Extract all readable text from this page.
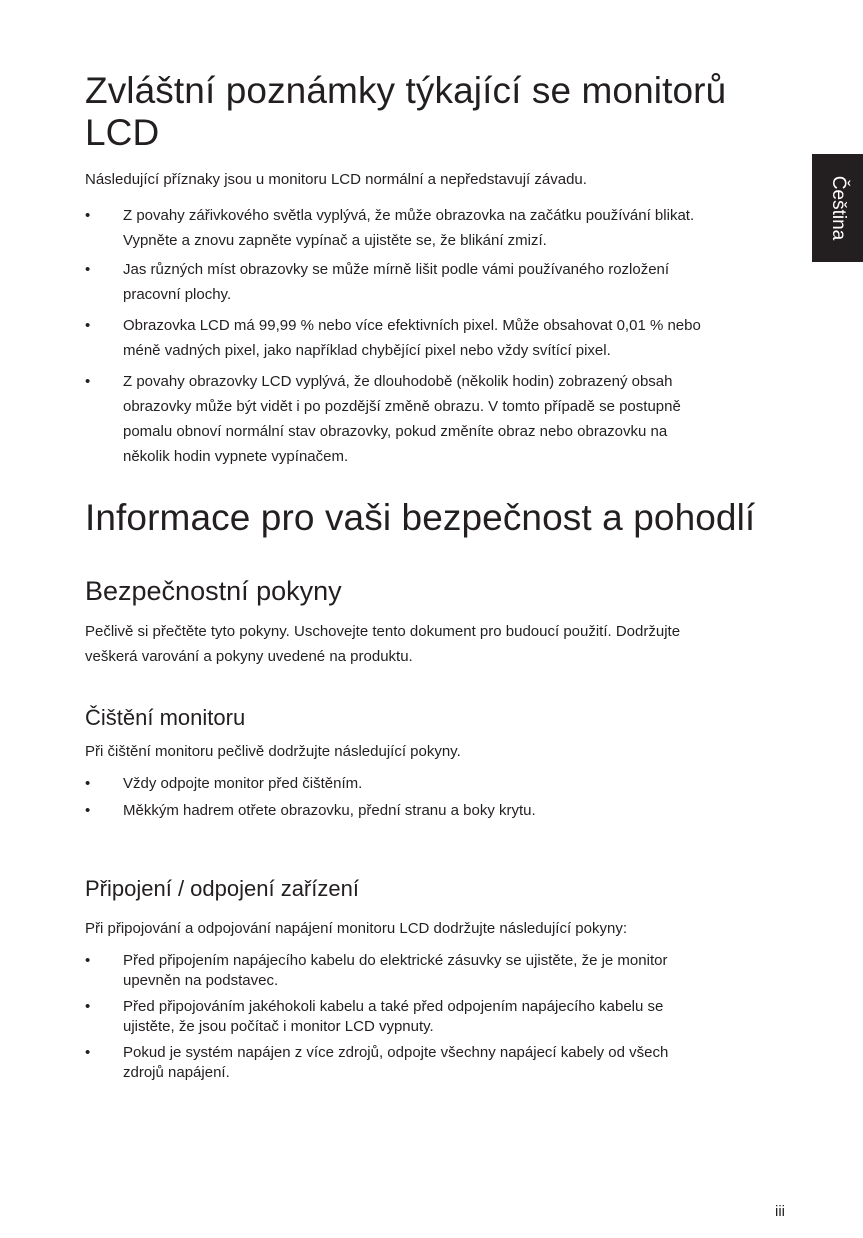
Čeština
Zvláštní poznámky týkající se monitorů
LCD

Následující příznaky jsou u monitoru LCD normální a nepředstavují závadu.

• Z povahy zářivkového světla vyplývá, že může obrazovka na začátku používání blikat.
Vypněte a znovu zapněte vypínač a ujistěte se, že blikání zmizí.
• Jas různých míst obrazovky se může mírně lišit podle vámi používaného rozložení
pracovní plochy.
• Obrazovka LCD má 99,99 % nebo více efektivních pixel. Může obsahovat 0,01 % nebo
méně vadných pixel, jako například chybějící pixel nebo vždy svítící pixel.
• Z povahy obrazovky LCD vyplývá, že dlouhodobě (několik hodin) zobrazený obsah
obrazovky může být vidět i po pozdější změně obrazu. V tomto případě se postupně
pomalu obnoví normální stav obrazovky, pokud změníte obraz nebo obrazovku na
několik hodin vypnete vypínačem.
Informace pro vaši bezpečnost a pohodlí
Bezpečnostní pokyny

Pečlivě si přečtěte tyto pokyny. Uschovejte tento dokument pro budoucí použití. Dodržujte
veškerá varování a pokyny uvedené na produktu.

Čištění monitoru

Při čištění monitoru pečlivě dodržujte následující pokyny.

• Vždy odpojte monitor před čištěním.
• Měkkým hadrem otřete obrazovku, přední stranu a boky krytu.
Připojení / odpojení zařízení

Při připojování a odpojování napájení monitoru LCD dodržujte následující pokyny:

• Před připojením napájecího kabelu do elektrické zásuvky se ujistěte, že je monitor
upevněn na podstavec.
• Před připojováním jakéhokoli kabelu a také před odpojením napájecího kabelu se
ujistěte, že jsou počítač i monitor LCD vypnuty.
• Pokud je systém napájen z více zdrojů, odpojte všechny napájecí kabely od všech
zdrojů napájení.
iii
